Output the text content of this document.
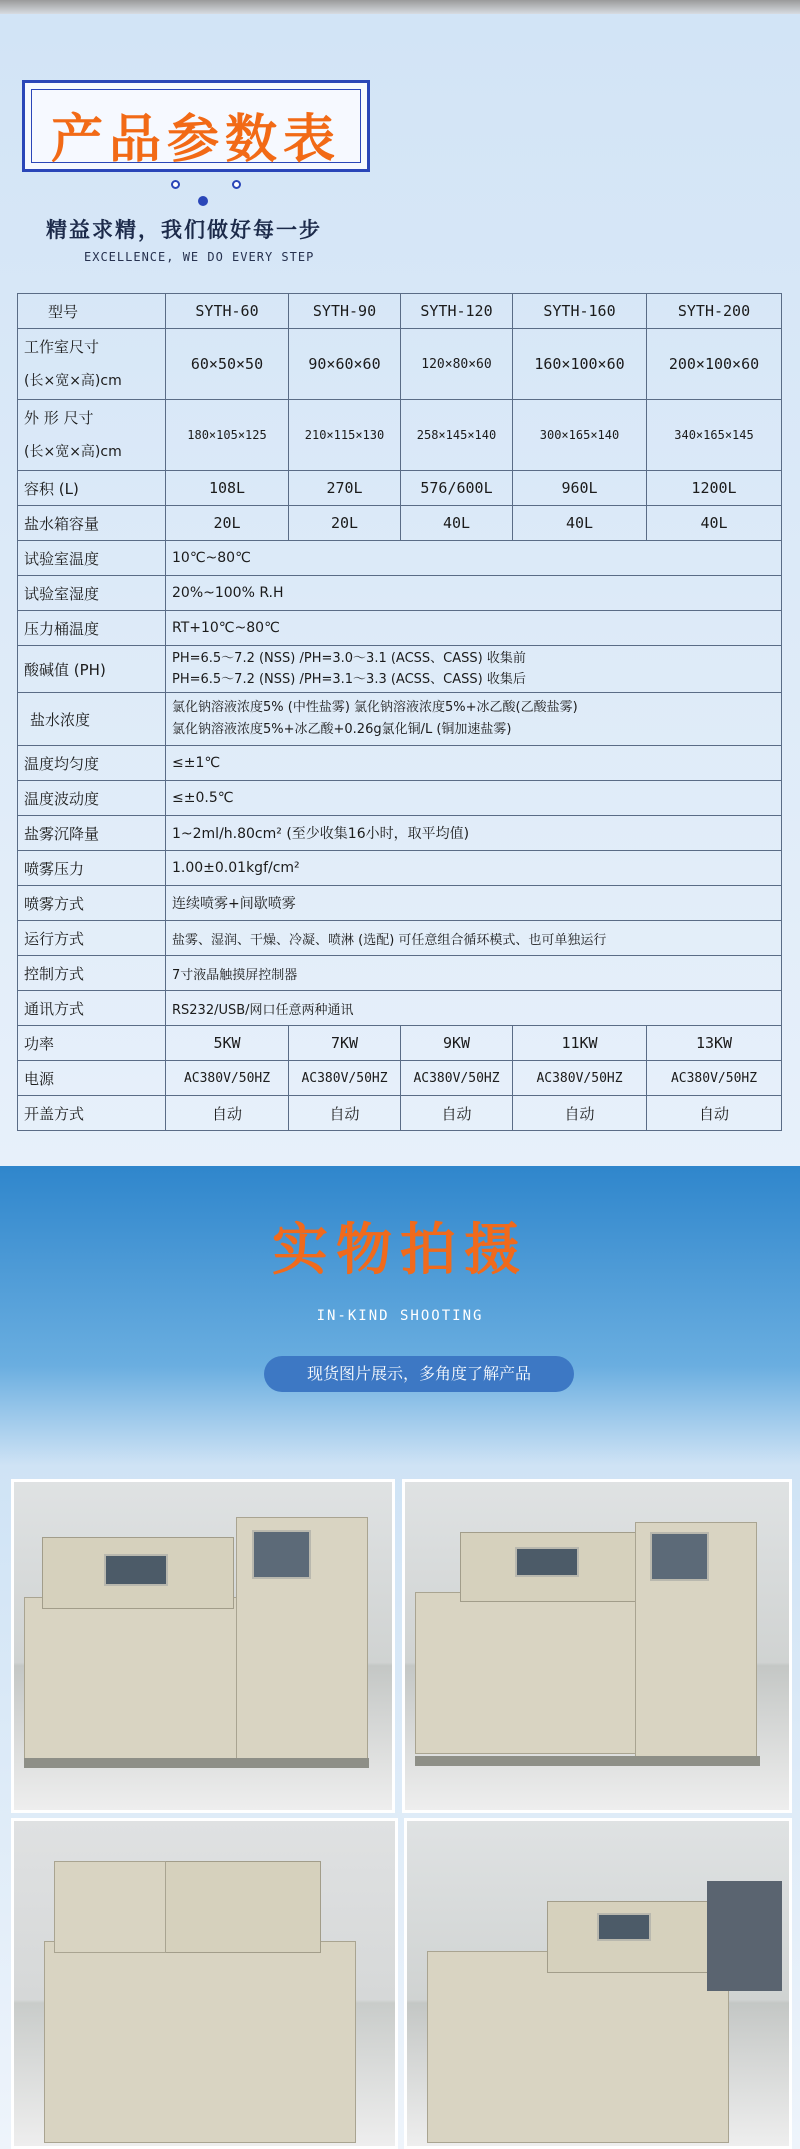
产品参数表
精益求精，我们做好每一步
EXCELLENCE, WE DO EVERY STEP
型号	SYTH-60	SYTH-90	SYTH-120	SYTH-160	SYTH-200

工作室尺寸
(长×宽×高)cm	60×50×50	90×60×60	120×80×60	160×100×60	200×100×60

外 形 尺寸
(长×宽×高)cm	180×105×125	210×115×130	258×145×140	300×165×140	340×165×145
容积 (L)	108L	270L	576/600L	960L	1200L
盐水箱容量	20L	20L	40L	40L	40L
试验室温度	10℃~80℃				
试验室湿度	20%~100% R.H				
压力桶温度	RT+10℃~80℃				
酸碱值 (PH)	PH=6.5～7.2 (NSS) /PH=3.0～3.1 (ACSS、CASS) 收集前
PH=6.5～7.2 (NSS) /PH=3.1～3.3 (ACSS、CASS) 收集后				

盐水浓度	氯化钠溶液浓度5% (中性盐雾) 氯化钠溶液浓度5%+冰乙酸(乙酸盐雾)
氯化钠溶液浓度5%+冰乙酸+0.26g氯化铜/L (铜加速盐雾)				

温度均匀度	≤±1℃				
温度波动度	≤±0.5℃				
盐雾沉降量	1~2ml/h.80cm² (至少收集16小时，取平均值)				
喷雾压力	1.00±0.01kgf/cm²				
喷雾方式	连续喷雾+间歇喷雾				
运行方式	盐雾、湿润、干燥、冷凝、喷淋 (选配) 可任意组合循环模式、也可单独运行				
控制方式	7寸液晶触摸屏控制器				
通讯方式	RS232/USB/网口任意两种通讯				
功率	5KW	7KW	9KW	11KW	13KW
电源	AC380V/50HZ	AC380V/50HZ	AC380V/50HZ	AC380V/50HZ	AC380V/50HZ
开盖方式	自动	自动	自动	自动	自动
实物拍摄
IN-KIND SHOOTING
现货图片展示，多角度了解产品
